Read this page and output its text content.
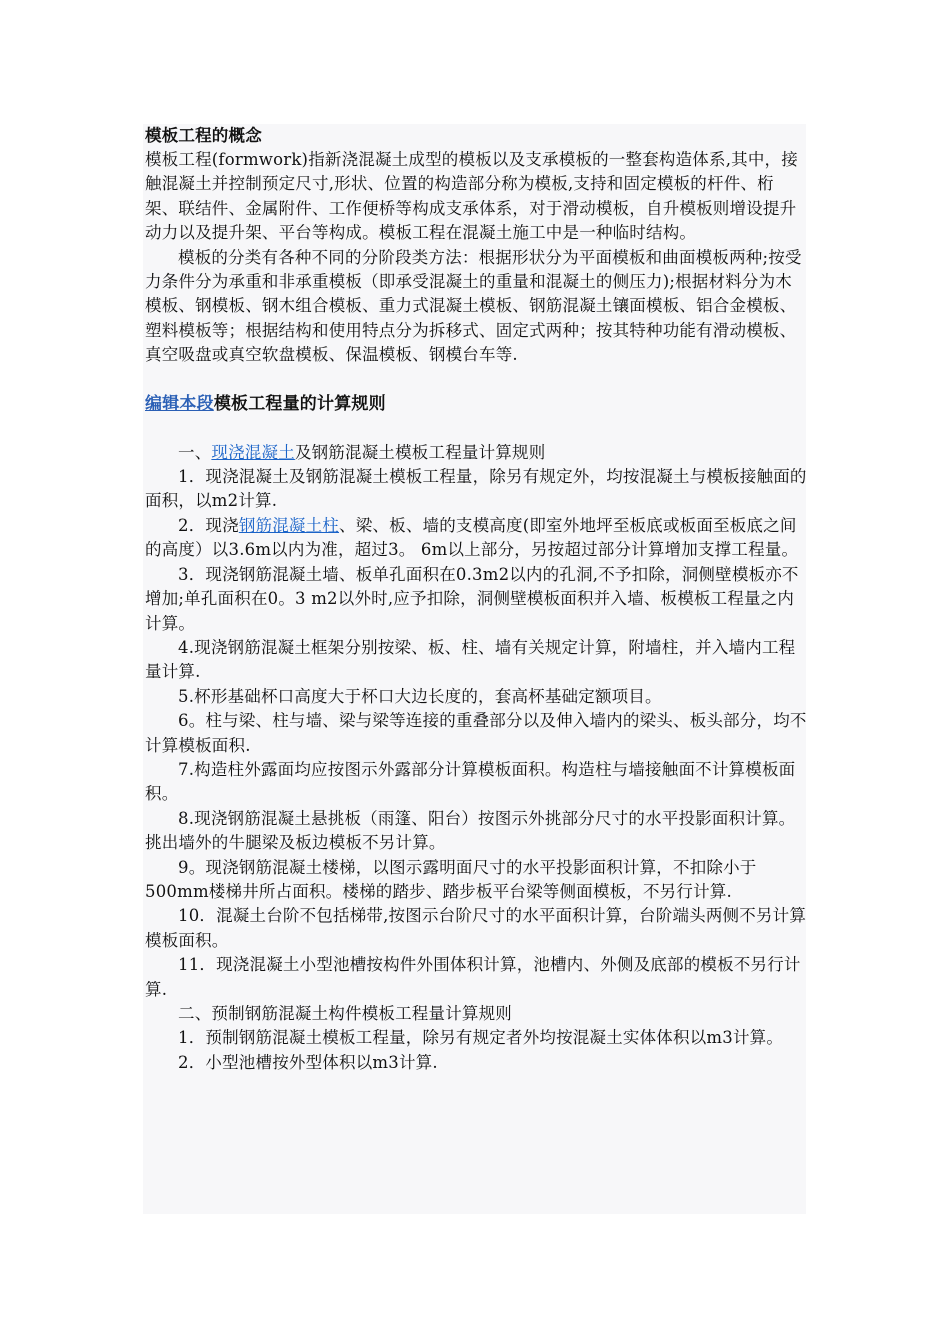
模板工程的概念

模板工程(formwork)指新浇混凝土成型的模板以及支承模板的一整套构造体系,其中，接触混凝土并控制预定尺寸,形状、位置的构造部分称为模板,支持和固定模板的杆件、桁架、联结件、金属附件、工作便桥等构成支承体系，对于滑动模板，自升模板则增设提升动力以及提升架、平台等构成。模板工程在混凝土施工中是一种临时结构。

模板的分类有各种不同的分阶段类方法：根据形状分为平面模板和曲面模板两种;按受力条件分为承重和非承重模板（即承受混凝土的重量和混凝土的侧压力);根据材料分为木模板、钢模板、钢木组合模板、重力式混凝土模板、钢筋混凝土镶面模板、铝合金模板、塑料模板等；根据结构和使用特点分为拆移式、固定式两种；按其特种功能有滑动模板、真空吸盘或真空软盘模板、保温模板、钢模台车等.

编辑本段模板工程量的计算规则

一、现浇混凝土及钢筋混凝土模板工程量计算规则

1．现浇混凝土及钢筋混凝土模板工程量，除另有规定外，均按混凝土与模板接触面的面积，以m2计算.

2．现浇钢筋混凝土柱、梁、板、墙的支模高度(即室外地坪至板底或板面至板底之间的高度）以3.6m以内为准，超过3。 6m以上部分，另按超过部分计算增加支撑工程量。

3．现浇钢筋混凝土墙、板单孔面积在0.3m2以内的孔洞,不予扣除，洞侧壁模板亦不增加;单孔面积在0。3 m2以外时,应予扣除，洞侧壁模板面积并入墙、板模板工程量之内计算。

4.现浇钢筋混凝土框架分别按梁、板、柱、墙有关规定计算，附墙柱，并入墙内工程量计算.

5.杯形基础杯口高度大于杯口大边长度的，套高杯基础定额项目。

6。柱与梁、柱与墙、梁与梁等连接的重叠部分以及伸入墙内的梁头、板头部分，均不计算模板面积.

7.构造柱外露面均应按图示外露部分计算模板面积。构造柱与墙接触面不计算模板面积。

8.现浇钢筋混凝土悬挑板（雨篷、阳台）按图示外挑部分尺寸的水平投影面积计算。挑出墙外的牛腿梁及板边模板不另计算。

9。现浇钢筋混凝土楼梯，以图示露明面尺寸的水平投影面积计算，不扣除小于500mm楼梯井所占面积。楼梯的踏步、踏步板平台梁等侧面模板，不另行计算.

10．混凝土台阶不包括梯带,按图示台阶尺寸的水平面积计算，台阶端头两侧不另计算模板面积。

11．现浇混凝土小型池槽按构件外围体积计算，池槽内、外侧及底部的模板不另行计算.

二、预制钢筋混凝土构件模板工程量计算规则

1．预制钢筋混凝土模板工程量，除另有规定者外均按混凝土实体体积以m3计算。

2．小型池槽按外型体积以m3计算.
